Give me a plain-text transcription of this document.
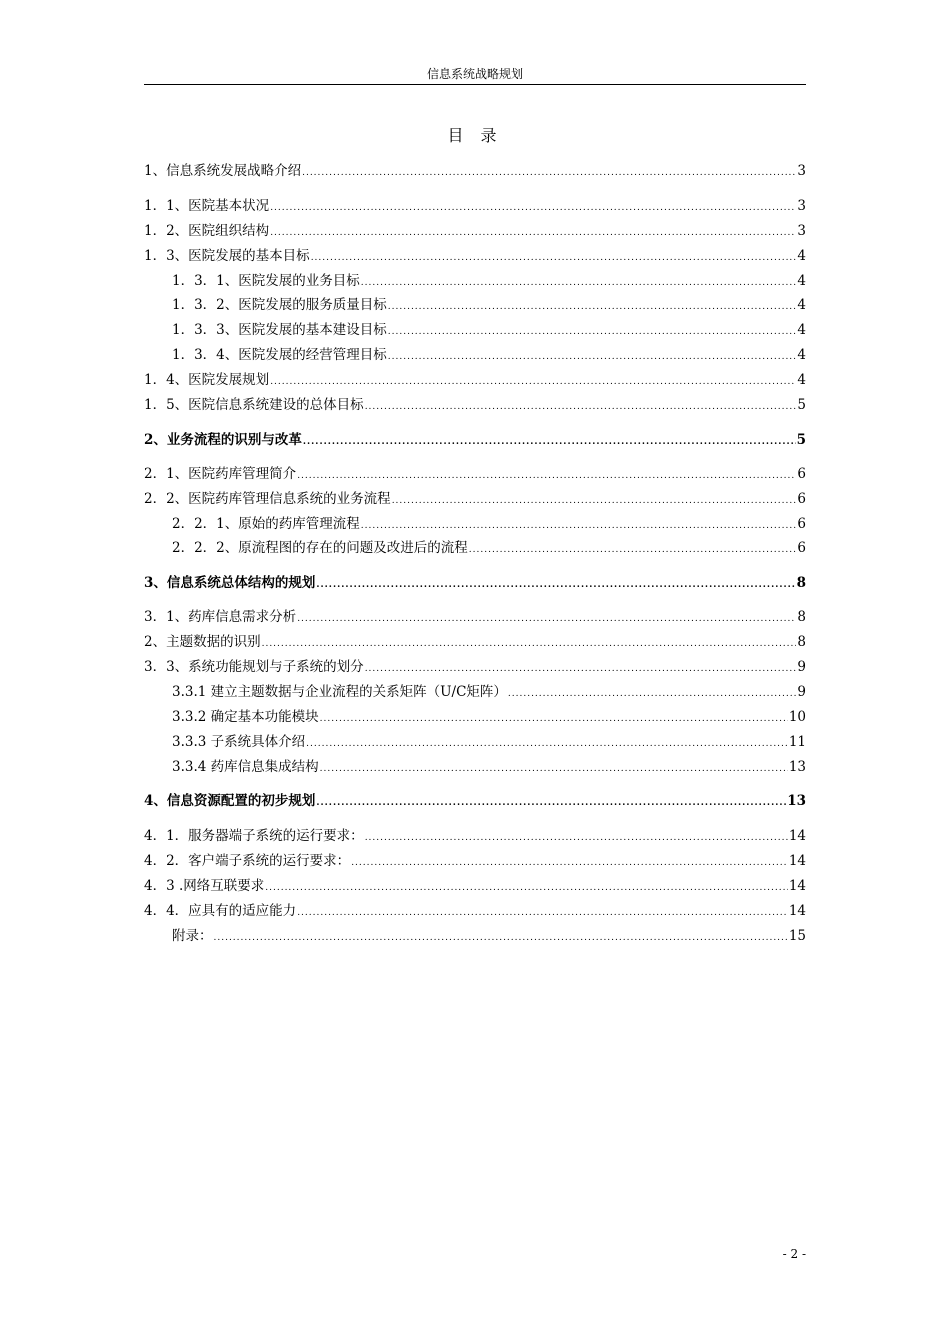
信息系统战略规划
目 录
1、信息系统发展战略介绍 .....	3
1．1、医院基本状况 .....	3
1．2、医院组织结构 .....	3
1．3、医院发展的基本目标 .....	4
1．3．1、医院发展的业务目标 .....	4
1．3．2、医院发展的服务质量目标 .....	4
1．3．3、医院发展的基本建设目标 .....	4
1．3．4、医院发展的经营管理目标 .....	4
1．4、医院发展规划 .....	4
1．5、医院信息系统建设的总体目标 .....	5
2、业务流程的识别与改革 .....	5
2．1、医院药库管理简介 .....	6
2．2、医院药库管理信息系统的业务流程 .....	6
2．2．1、原始的药库管理流程 .....	6
2．2．2、原流程图的存在的问题及改进后的流程 .....	6
3、信息系统总体结构的规划 .....	8
3．1、药库信息需求分析 .....	8
2、主题数据的识别 .....	8
3．3、系统功能规划与子系统的划分 .....	9
3.3.1 建立主题数据与企业流程的关系矩阵（U/C矩阵） .....	9
3.3.2 确定基本功能模块 .....	10
3.3.3 子系统具体介绍 .....	11
3.3.4 药库信息集成结构 .....	13
4、信息资源配置的初步规划 .....	13
4．1．服务器端子系统的运行要求： .....	14
4．2．客户端子系统的运行要求： .....	14
4．3 .网络互联要求 .....	14
4．4．应具有的适应能力 .....	14
附录： .....	15
- 2 -
